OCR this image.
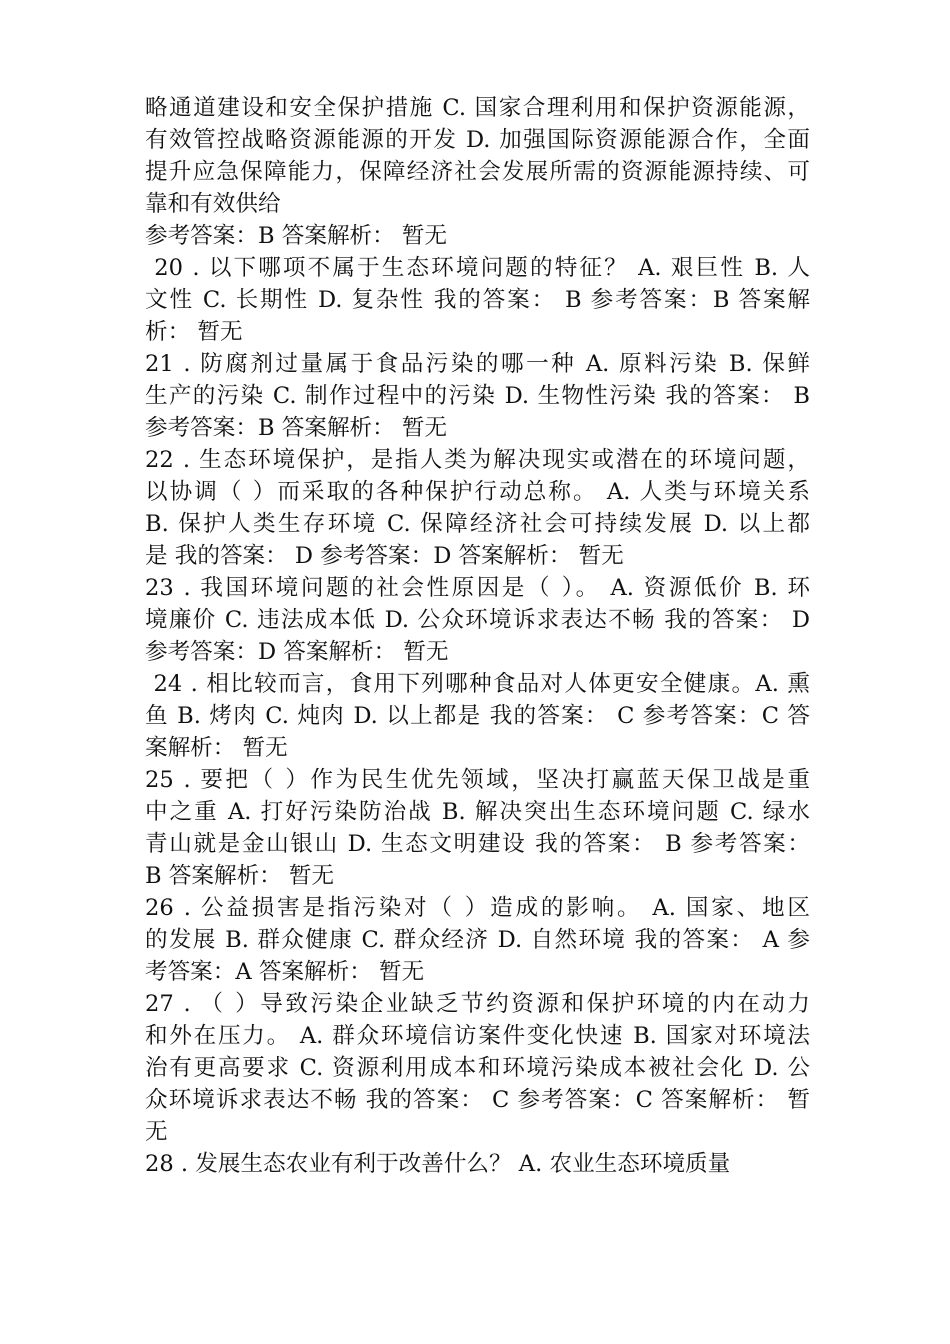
略通道建设和安全保护措施 C. 国家合理利用和保护资源能源，
有效管控战略资源能源的开发 D. 加强国际资源能源合作，全面
提升应急保障能力，保障经济社会发展所需的资源能源持续、可
靠和有效供给
参考答案：B 答案解析： 暂无
20 . 以下哪项不属于生态环境问题的特征？ A. 艰巨性 B. 人
文性 C. 长期性 D. 复杂性 我的答案： B 参考答案：B 答案解
析： 暂无
21 . 防腐剂过量属于食品污染的哪一种 A. 原料污染 B. 保鲜
生产的污染 C. 制作过程中的污染 D. 生物性污染 我的答案： B
参考答案：B 答案解析： 暂无
22 . 生态环境保护，是指人类为解决现实或潜在的环境问题，
以协调（ ）而采取的各种保护行动总称。 A. 人类与环境关系
B. 保护人类生存环境 C. 保障经济社会可持续发展 D. 以上都
是 我的答案： D 参考答案：D 答案解析： 暂无
23 . 我国环境问题的社会性原因是（ ）。 A. 资源低价 B. 环
境廉价 C. 违法成本低 D. 公众环境诉求表达不畅 我的答案： D
参考答案：D 答案解析： 暂无
24 . 相比较而言，食用下列哪种食品对人体更安全健康。A. 熏
鱼 B. 烤肉 C. 炖肉 D. 以上都是 我的答案： C 参考答案：C 答
案解析： 暂无
25 . 要把（ ）作为民生优先领域，坚决打赢蓝天保卫战是重
中之重 A. 打好污染防治战 B. 解决突出生态环境问题 C. 绿水
青山就是金山银山 D. 生态文明建设 我的答案： B 参考答案：
B 答案解析： 暂无
26 . 公益损害是指污染对（ ）造成的影响。 A. 国家、地区
的发展 B. 群众健康 C. 群众经济 D. 自然环境 我的答案： A 参
考答案：A 答案解析： 暂无
27 . （ ）导致污染企业缺乏节约资源和保护环境的内在动力
和外在压力。 A. 群众环境信访案件变化快速 B. 国家对环境法
治有更高要求 C. 资源利用成本和环境污染成本被社会化 D. 公
众环境诉求表达不畅 我的答案： C 参考答案：C 答案解析： 暂
无
28 . 发展生态农业有利于改善什么？ A. 农业生态环境质量
